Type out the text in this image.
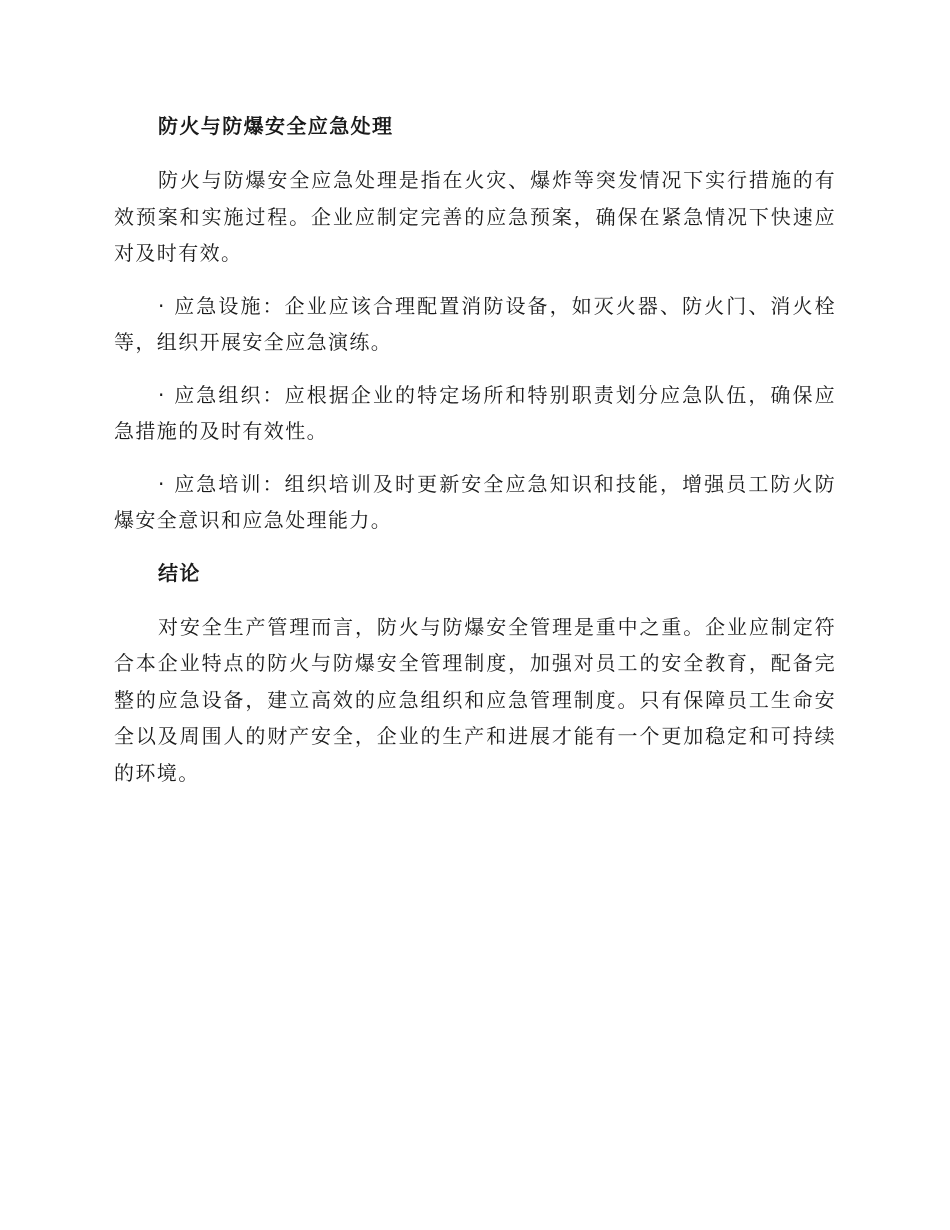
防火与防爆安全应急处理

防火与防爆安全应急处理是指在火灾、爆炸等突发情况下实行措施的有效预案和实施过程。企业应制定完善的应急预案，确保在紧急情况下快速应对及时有效。

· 应急设施：企业应该合理配置消防设备，如灭火器、防火门、消火栓等，组织开展安全应急演练。

· 应急组织：应根据企业的特定场所和特别职责划分应急队伍，确保应急措施的及时有效性。

· 应急培训：组织培训及时更新安全应急知识和技能，增强员工防火防爆安全意识和应急处理能力。

结论

对安全生产管理而言，防火与防爆安全管理是重中之重。企业应制定符合本企业特点的防火与防爆安全管理制度，加强对员工的安全教育，配备完整的应急设备，建立高效的应急组织和应急管理制度。只有保障员工生命安全以及周围人的财产安全，企业的生产和进展才能有一个更加稳定和可持续的环境。
